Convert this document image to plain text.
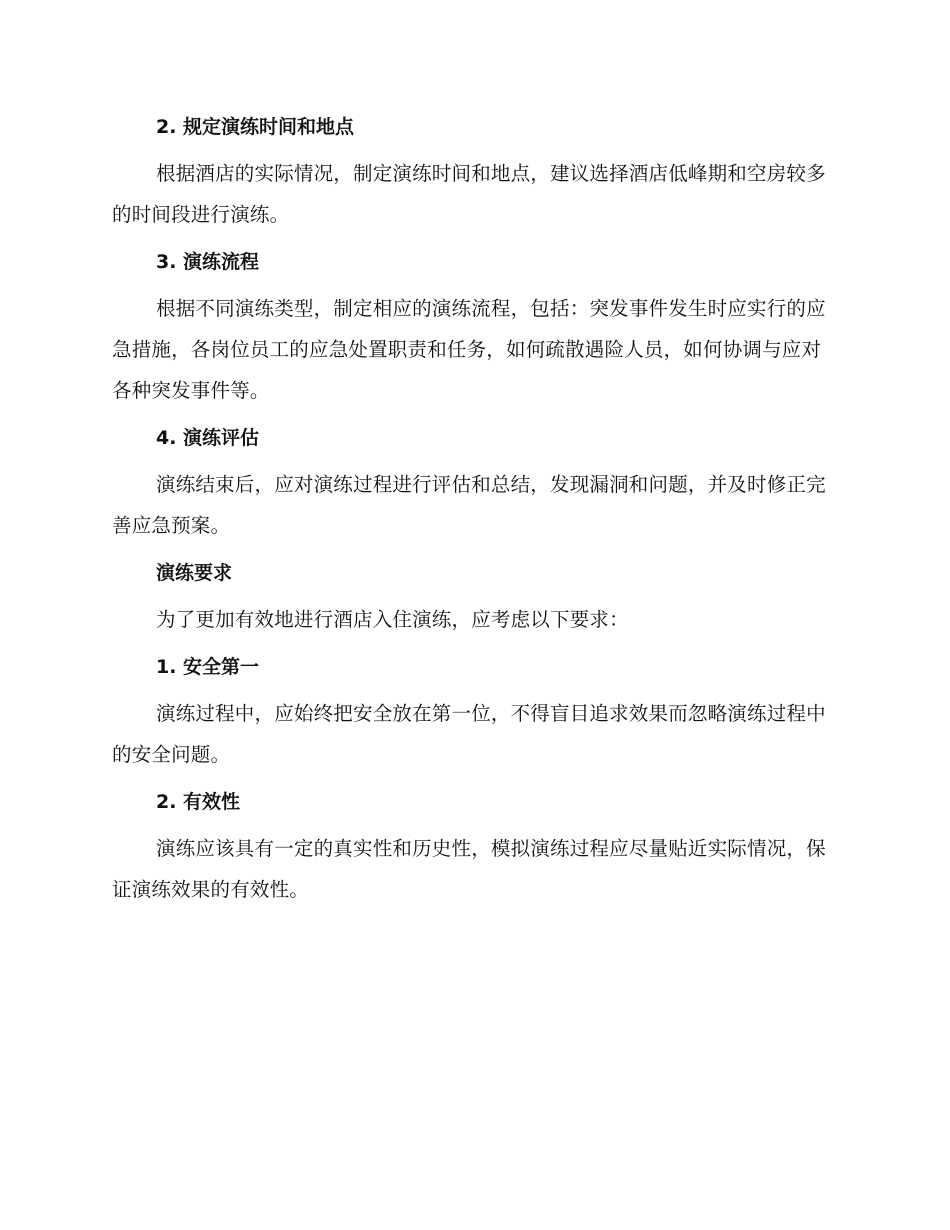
2. 规定演练时间和地点
根据酒店的实际情况，制定演练时间和地点，建议选择酒店低峰期和空房较多的时间段进行演练。
3. 演练流程
根据不同演练类型，制定相应的演练流程，包括：突发事件发生时应实行的应急措施，各岗位员工的应急处置职责和任务，如何疏散遇险人员，如何协调与应对各种突发事件等。
4. 演练评估
演练结束后，应对演练过程进行评估和总结，发现漏洞和问题，并及时修正完善应急预案。
演练要求
为了更加有效地进行酒店入住演练，应考虑以下要求：
1. 安全第一
演练过程中，应始终把安全放在第一位，不得盲目追求效果而忽略演练过程中的安全问题。
2. 有效性
演练应该具有一定的真实性和历史性，模拟演练过程应尽量贴近实际情况，保证演练效果的有效性。
